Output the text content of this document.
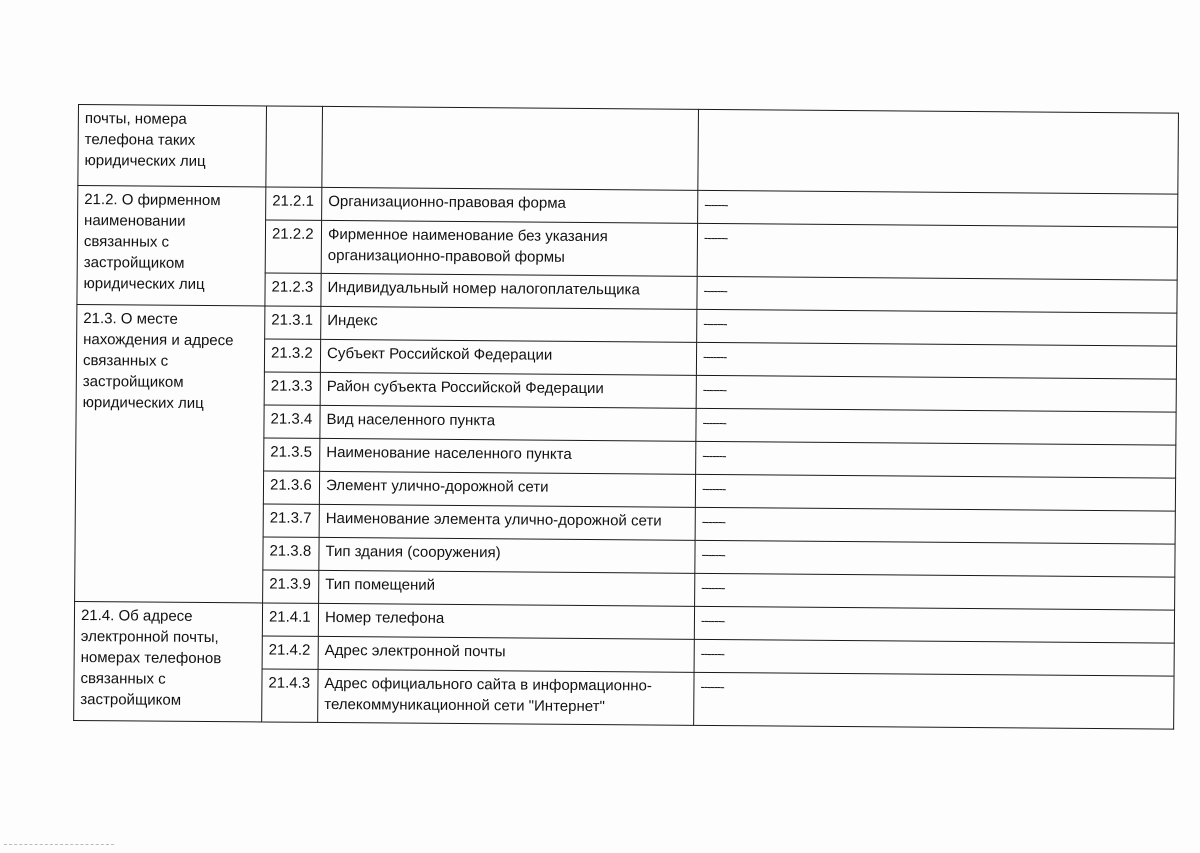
почты, номера телефона таких юридических лиц			
21.2. О фирменном наименовании связанных с застройщиком юридических лиц	21.2.1	Организационно-правовая форма	-------
	21.2.2	Фирменное наименование без указания организационно-правовой формы	-------
	21.2.3	Индивидуальный номер налогоплательщика	-------
21.3. О месте нахождения и адресе связанных с застройщиком юридических лиц	21.3.1	Индекс	-------
	21.3.2	Субъект Российской Федерации	-------
	21.3.3	Район субъекта Российской Федерации	-------
	21.3.4	Вид населенного пункта	-------
	21.3.5	Наименование населенного пункта	-------
	21.3.6	Элемент улично-дорожной сети	-------
	21.3.7	Наименование элемента улично-дорожной сети	-------
	21.3.8	Тип здания (сооружения)	-------
	21.3.9	Тип помещений	-------
21.4. Об адресе электронной почты, номерах телефонов связанных с застройщиком	21.4.1	Номер телефона	-------
	21.4.2	Адрес электронной почты	-------
	21.4.3	Адрес официального сайта в информационно-телекоммуникационной сети "Интернет"	-------
